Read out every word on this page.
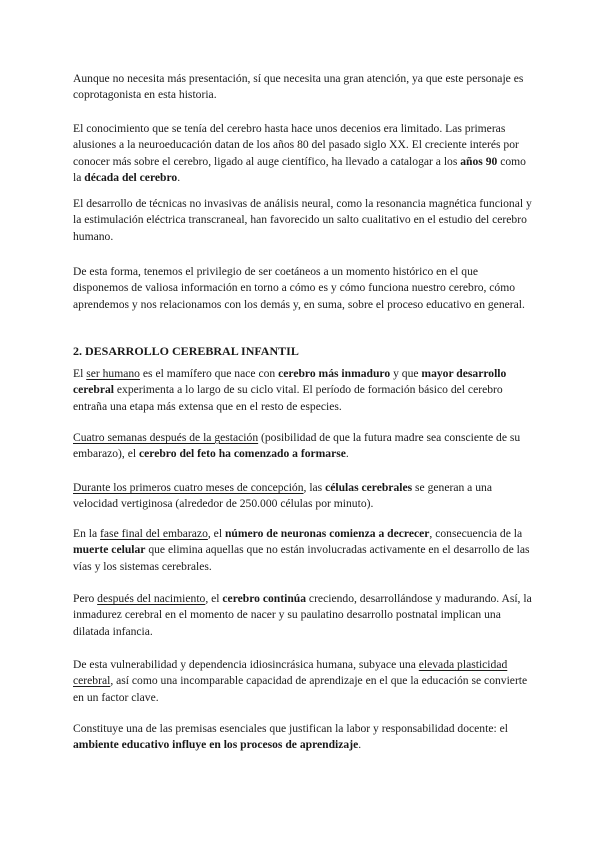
Aunque no necesita más presentación, sí que necesita una gran atención, ya que este personaje es coprotagonista en esta historia.

El conocimiento que se tenía del cerebro hasta hace unos decenios era limitado. Las primeras alusiones a la neuroeducación datan de los años 80 del pasado siglo XX. El creciente interés por conocer más sobre el cerebro, ligado al auge científico, ha llevado a catalogar a los años 90 como la década del cerebro.

El desarrollo de técnicas no invasivas de análisis neural, como la resonancia magnética funcional y la estimulación eléctrica transcraneal, han favorecido un salto cualitativo en el estudio del cerebro humano.

De esta forma, tenemos el privilegio de ser coetáneos a un momento histórico en el que disponemos de valiosa información en torno a cómo es y cómo funciona nuestro cerebro, cómo aprendemos y nos relacionamos con los demás y, en suma, sobre el proceso educativo en general.

2. DESARROLLO CEREBRAL INFANTIL

El ser humano es el mamífero que nace con cerebro más inmaduro y que mayor desarrollo cerebral experimenta a lo largo de su ciclo vital. El período de formación básico del cerebro entraña una etapa más extensa que en el resto de especies.

Cuatro semanas después de la gestación (posibilidad de que la futura madre sea consciente de su embarazo), el cerebro del feto ha comenzado a formarse.

Durante los primeros cuatro meses de concepción, las células cerebrales se generan a una velocidad vertiginosa (alrededor de 250.000 células por minuto).

En la fase final del embarazo, el número de neuronas comienza a decrecer, consecuencia de la muerte celular que elimina aquellas que no están involucradas activamente en el desarrollo de las vías y los sistemas cerebrales.

Pero después del nacimiento, el cerebro continúa creciendo, desarrollándose y madurando. Así, la inmadurez cerebral en el momento de nacer y su paulatino desarrollo postnatal implican una dilatada infancia.

De esta vulnerabilidad y dependencia idiosincrásica humana, subyace una elevada plasticidad cerebral, así como una incomparable capacidad de aprendizaje en el que la educación se convierte en un factor clave.

Constituye una de las premisas esenciales que justifican la labor y responsabilidad docente: el ambiente educativo influye en los procesos de aprendizaje.
